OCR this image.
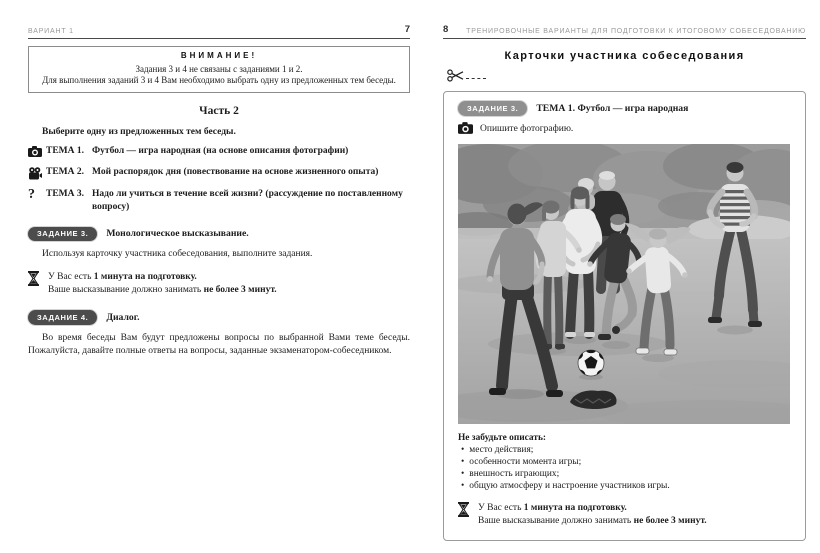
ВАРИАНТ 1	7
ВНИМАНИЕ!
Задания 3 и 4 не связаны с заданиями 1 и 2.
Для выполнения заданий 3 и 4 Вам необходимо выбрать одну из предложенных тем беседы.
Часть 2
Выберите одну из предложенных тем беседы.
ТЕМА 1. Футбол — игра народная (на основе описания фотографии)
ТЕМА 2. Мой распорядок дня (повествование на основе жизненного опыта)
? ТЕМА 3. Надо ли учиться в течение всей жизни? (рассуждение по поставленному вопросу)
ЗАДАНИЕ 3.	Монологическое высказывание.

Используя карточку участника собеседования, выполните задания.

У Вас есть 1 минута на подготовку.
Ваше высказывание должно занимать не более 3 минут.
ЗАДАНИЕ 4.	Диалог.

Во время беседы Вам будут предложены вопросы по выбранной Вами теме беседы. Пожалуйста, давайте полные ответы на вопросы, заданные экзаменатором-собеседником.

8	ТРЕНИРОВОЧНЫЕ ВАРИАНТЫ ДЛЯ ПОДГОТОВКИ К ИТОГОВОМУ СОБЕСЕДОВАНИЮ
Карточки участника собеседования
ЗАДАНИЕ 3.	ТЕМА 1. Футбол — игра народная
Опишите фотографию.
Не забудьте описать:
• место действия;
• особенности момента игры;
• внешность играющих;
• общую атмосферу и настроение участников игры.
У Вас есть 1 минута на подготовку.
Ваше высказывание должно занимать не более 3 минут.
